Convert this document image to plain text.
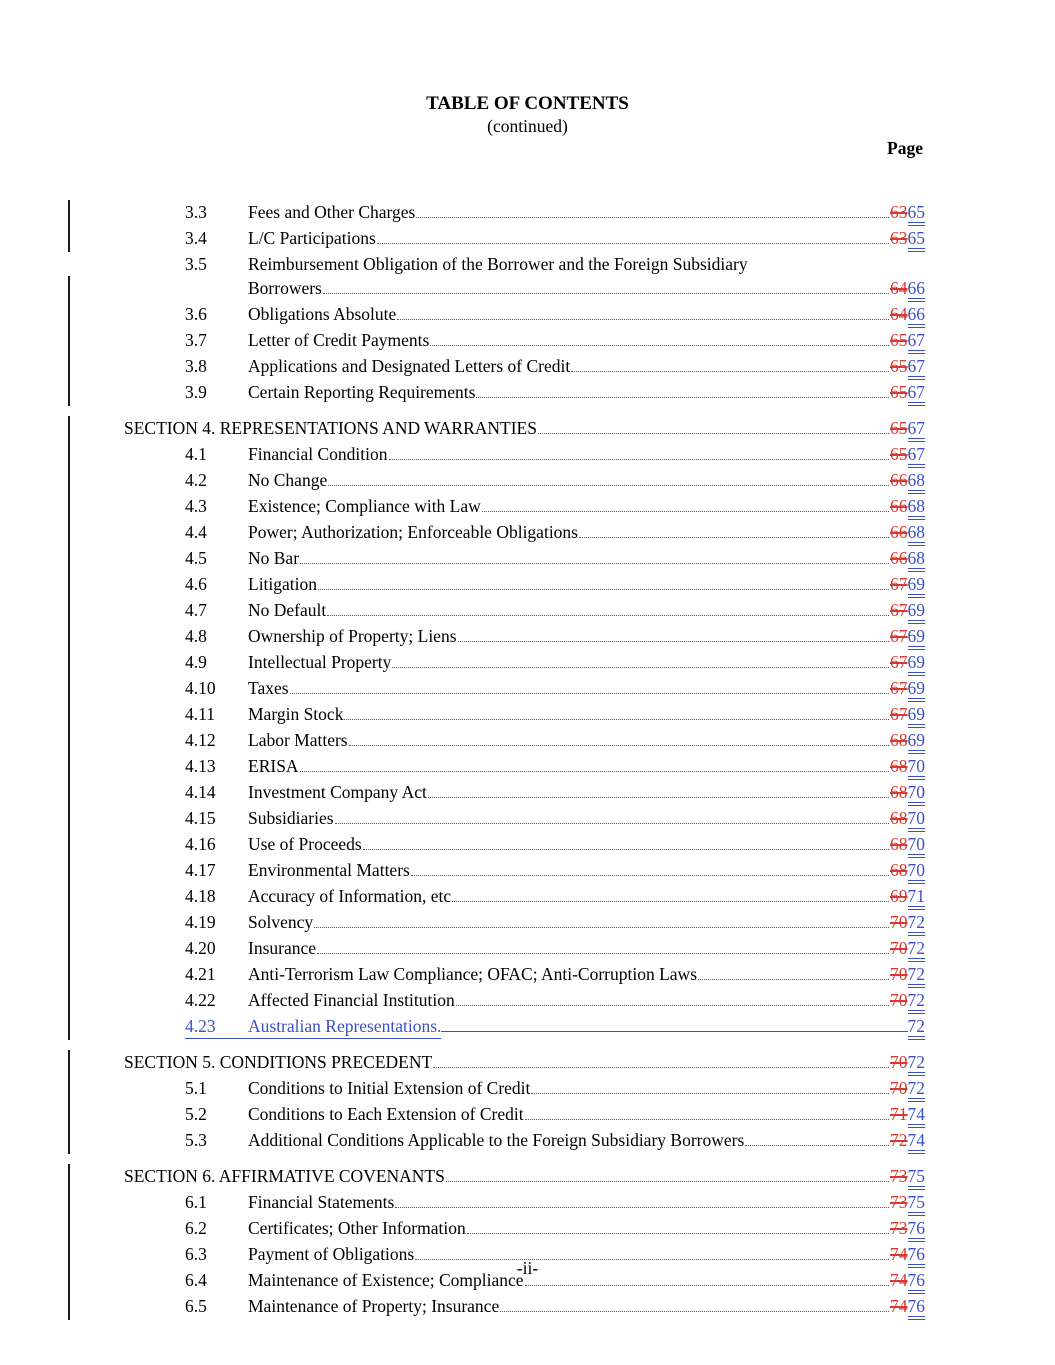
TABLE OF CONTENTS
(continued)
Page
3.3	Fees and Other Charges	6365
3.4	L/C Participations	6365
3.5	Reimbursement Obligation of the Borrower and the Foreign Subsidiary
Borrowers	6466
3.6	Obligations Absolute	6466
3.7	Letter of Credit Payments	6567
3.8	Applications and Designated Letters of Credit	6567
3.9	Certain Reporting Requirements	6567
SECTION 4. REPRESENTATIONS AND WARRANTIES	6567
4.1	Financial Condition	6567
4.2	No Change	6668
4.3	Existence; Compliance with Law	6668
4.4	Power; Authorization; Enforceable Obligations	6668
4.5	No Bar	6668
4.6	Litigation	6769
4.7	No Default	6769
4.8	Ownership of Property; Liens	6769
4.9	Intellectual Property	6769
4.10	Taxes	6769
4.11	Margin Stock	6769
4.12	Labor Matters	6869
4.13	ERISA	6870
4.14	Investment Company Act	6870
4.15	Subsidiaries	6870
4.16	Use of Proceeds	6870
4.17	Environmental Matters	6870
4.18	Accuracy of Information, etc	6971
4.19	Solvency	7072
4.20	Insurance	7072
4.21	Anti-Terrorism Law Compliance; OFAC; Anti-Corruption Laws	7072
4.22	Affected Financial Institution	7072
4.23	Australian Representations.	72
SECTION 5. CONDITIONS PRECEDENT	7072
5.1	Conditions to Initial Extension of Credit	7072
5.2	Conditions to Each Extension of Credit	7174
5.3	Additional Conditions Applicable to the Foreign Subsidiary Borrowers	7274
SECTION 6. AFFIRMATIVE COVENANTS	7375
6.1	Financial Statements	7375
6.2	Certificates; Other Information	7376
6.3	Payment of Obligations	7476
6.4	Maintenance of Existence; Compliance	7476
6.5	Maintenance of Property; Insurance	7476
-ii-
